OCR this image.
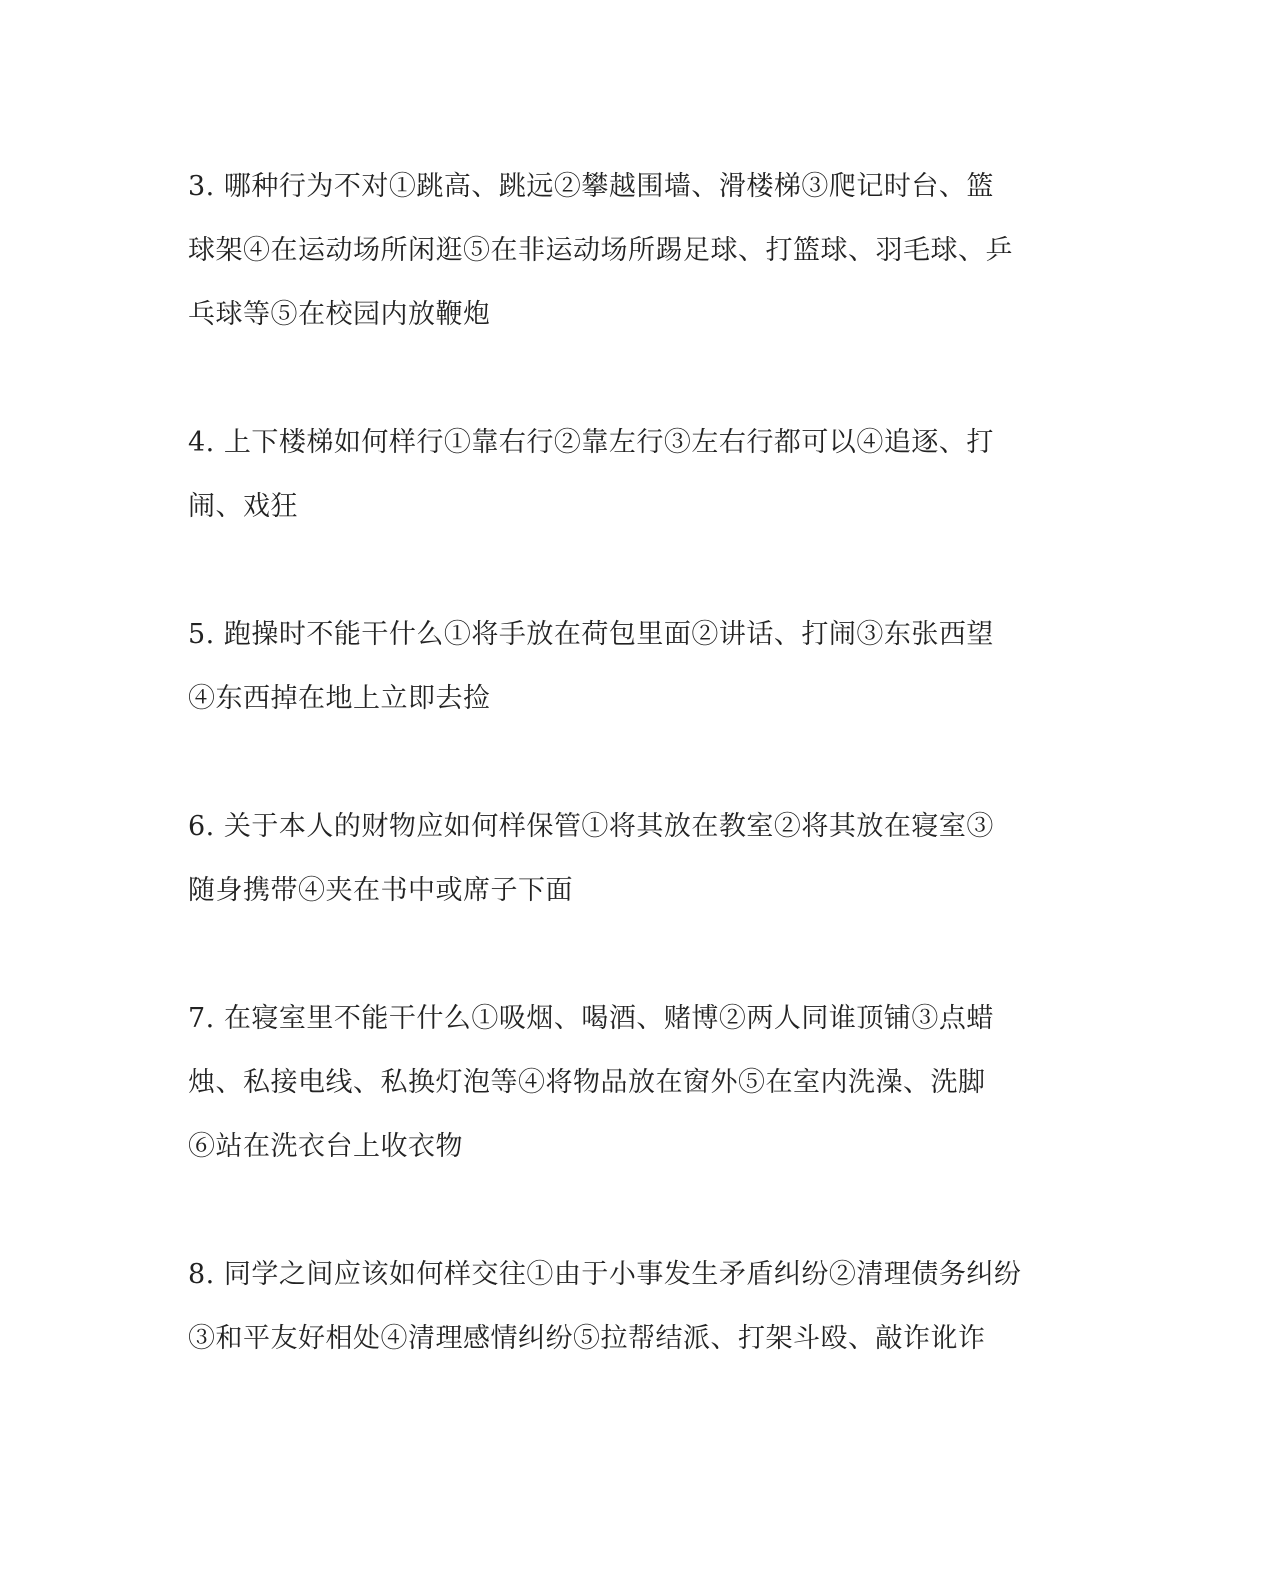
3. 哪种行为不对①跳高、跳远②攀越围墙、滑楼梯③爬记时台、篮
球架④在运动场所闲逛⑤在非运动场所踢足球、打篮球、羽毛球、乒
乓球等⑤在校园内放鞭炮
4. 上下楼梯如何样行①靠右行②靠左行③左右行都可以④追逐、打
闹、戏狂
5. 跑操时不能干什么①将手放在荷包里面②讲话、打闹③东张西望
④东西掉在地上立即去捡
6. 关于本人的财物应如何样保管①将其放在教室②将其放在寝室③
随身携带④夹在书中或席子下面
7. 在寝室里不能干什么①吸烟、喝酒、赌博②两人同谁顶铺③点蜡
烛、私接电线、私换灯泡等④将物品放在窗外⑤在室内洗澡、洗脚
⑥站在洗衣台上收衣物
8. 同学之间应该如何样交往①由于小事发生矛盾纠纷②清理债务纠纷
③和平友好相处④清理感情纠纷⑤拉帮结派、打架斗殴、敲诈讹诈
